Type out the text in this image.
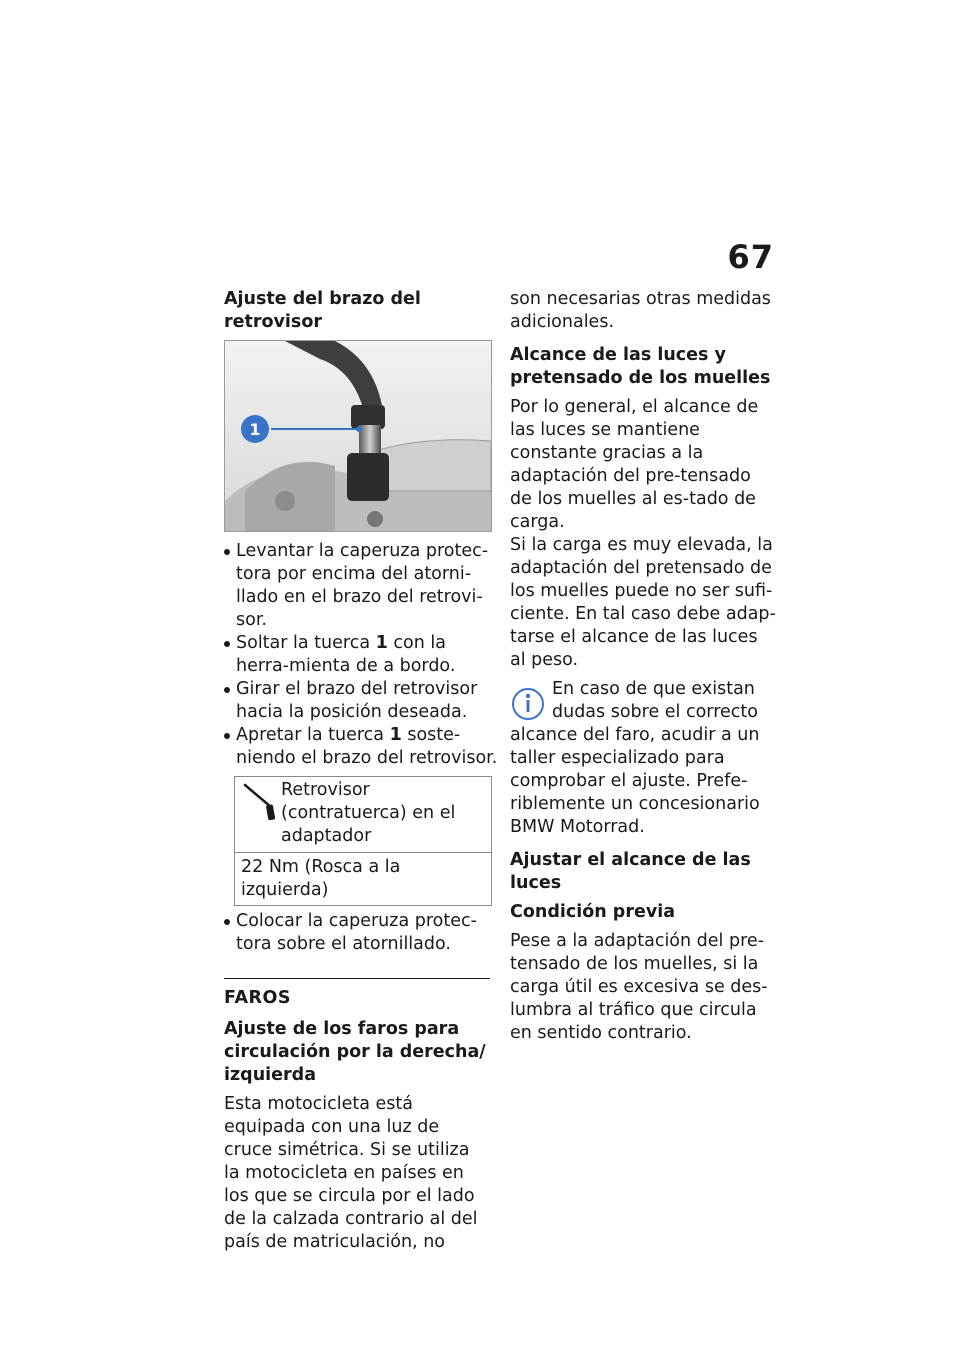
67
Ajuste del brazo del retrovisor
1
Levantar la caperuza protec-tora por encima del atorni-llado en el brazo del retrovi-sor.
Soltar la tuerca 1 con la herra-mienta de a bordo.
Girar el brazo del retrovisor hacia la posición deseada.
Apretar la tuerca 1 soste-niendo el brazo del retrovisor.
Retrovisor (contratuerca) en el adaptador
22 Nm (Rosca a la izquierda)
Colocar la caperuza protec-tora sobre el atornillado.
FAROS
Ajuste de los faros para circulación por la derecha/ izquierda

Esta motocicleta está equipada con una luz de cruce simétrica. Si se utiliza la motocicleta en países en los que se circula por el lado de la calzada contrario al del país de matriculación, no

son necesarias otras medidas adicionales.

Alcance de las luces y pretensado de los muelles

Por lo general, el alcance de las luces se mantiene constante gracias a la adaptación del pre-tensado de los muelles al es-tado de carga.

Si la carga es muy elevada, la adaptación del pretensado de los muelles puede no ser sufi-ciente. En tal caso debe adap-tarse el alcance de las luces al peso.

En caso de que existan dudas sobre el correcto

alcance del faro, acudir a un taller especializado para comprobar el ajuste. Prefe-riblemente un concesionario BMW Motorrad.

Ajustar el alcance de las luces
Condición previa

Pese a la adaptación del pre-tensado de los muelles, si la carga útil es excesiva se des-lumbra al tráfico que circula en sentido contrario.
